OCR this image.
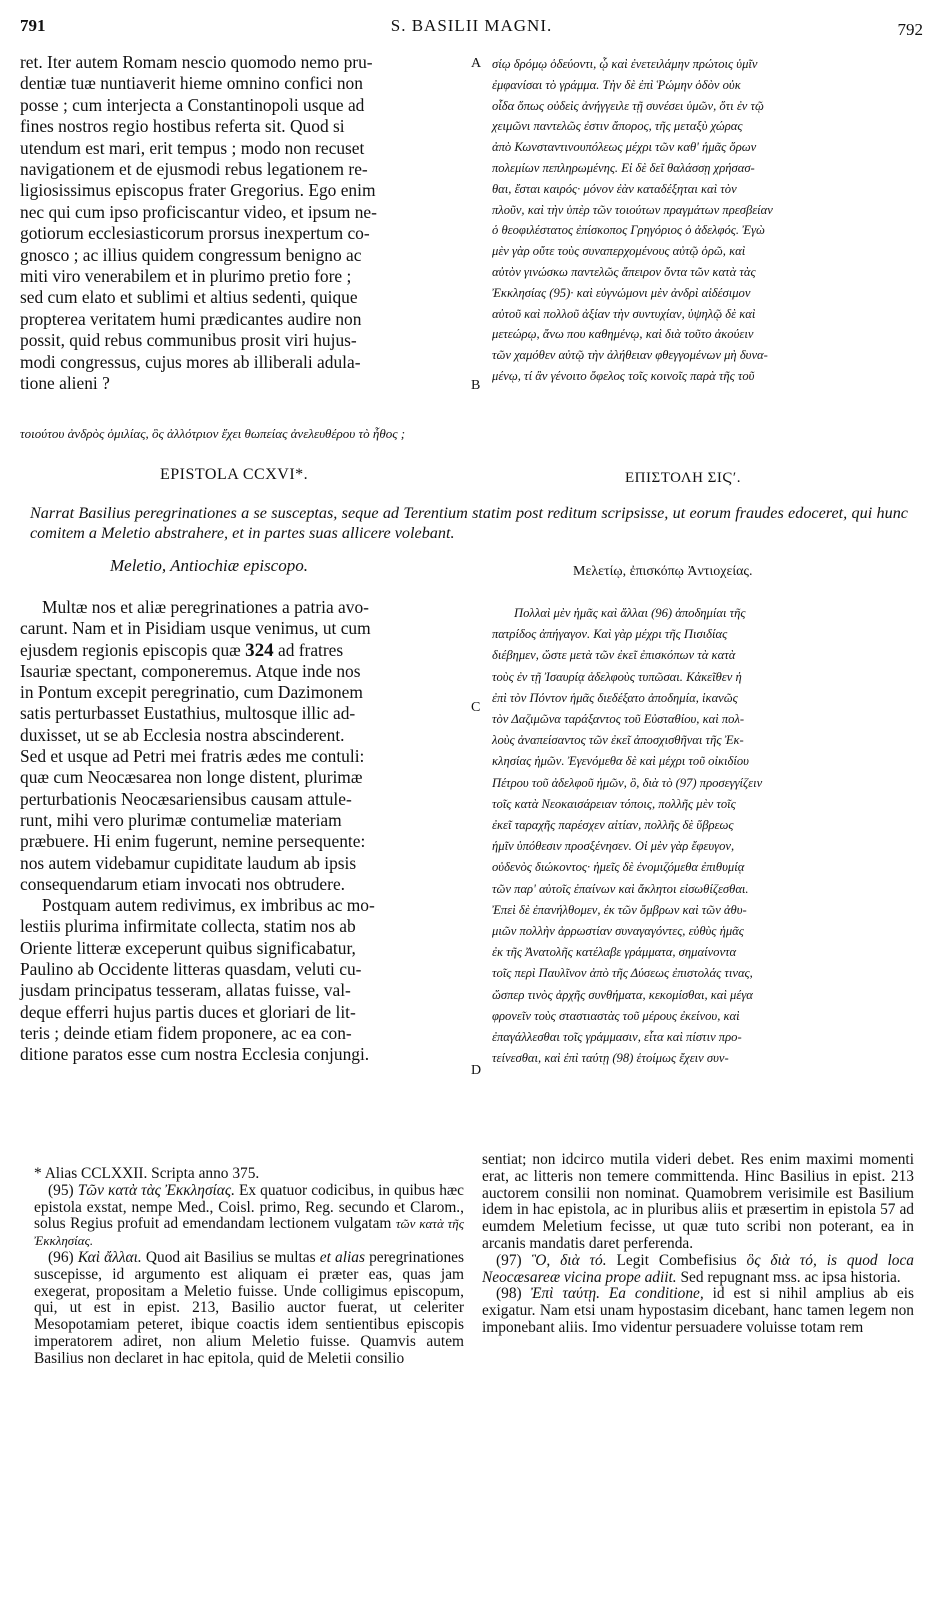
791	S. BASILII MAGNI.	792

ret. Iter autem Romam nescio quomodo nemo pru-

dentiæ tuæ nuntiaverit hieme omnino confici non

posse ; cum interjecta a Constantinopoli usque ad

fines nostros regio hostibus referta sit. Quod si

utendum est mari, erit tempus ; modo non recuset

navigationem et de ejusmodi rebus legationem re-

ligiosissimus episcopus frater Gregorius. Ego enim

nec qui cum ipso proficiscantur video, et ipsum ne-

gotiorum ecclesiasticorum prorsus inexpertum co-

gnosco ; ac illius quidem congressum benigno ac

miti viro venerabilem et in plurimo pretio fore ;

sed cum elato et sublimi et altius sedenti, quique

propterea veritatem humi prædicantes audire non

possit, quid rebus communibus prosit viri hujus-

modi congressus, cujus mores ab illiberali adula-

tione alieni ?

σίῳ δρόμῳ ὁδεύοντι, ᾧ καὶ ἐνετειλάμην πρώτοις ὑμῖν

ἐμφανίσαι τὸ γράμμα. Τὴν δὲ ἐπὶ Ῥώμην ὁδὸν οὐκ

οἶδα ὅπως οὐδεὶς ἀνήγγειλε τῇ συνέσει ὑμῶν, ὅτι ἐν τῷ

χειμῶνι παντελῶς ἐστιν ἄπορος, τῆς μεταξὺ χώρας

ἀπὸ Κωνσταντινουπόλεως μέχρι τῶν καθ' ἡμᾶς ὅρων

πολεμίων πεπληρωμένης. Εἰ δὲ δεῖ θαλάσσῃ χρήσασ-

θαι, ἔσται καιρός· μόνον ἐὰν καταδέξηται καὶ τὸν

πλοῦν, καὶ τὴν ὑπὲρ τῶν τοιούτων πραγμάτων πρεσβείαν

ὁ θεοφιλέστατος ἐπίσκοπος Γρηγόριος ὁ ἀδελφός. Ἐγὼ

μὲν γὰρ οὔτε τοὺς συναπερχομένους αὐτῷ ὁρῶ, καὶ

αὐτὸν γινώσκω παντελῶς ἄπειρον ὄντα τῶν κατὰ τὰς

Ἐκκλησίας (95)· καὶ εὐγνώμονι μὲν ἀνδρὶ αἰδέσιμον

αὐτοῦ καὶ πολλοῦ ἀξίαν τὴν συντυχίαν, ὑψηλῷ δὲ καὶ

μετεώρῳ, ἄνω που καθημένῳ, καὶ διὰ τοῦτο ἀκούειν

τῶν χαμόθεν αὐτῷ τὴν ἀλήθειαν φθεγγομένων μὴ δυνα-

μένῳ, τί ἂν γένοιτο ὄφελος τοῖς κοινοῖς παρὰ τῆς τοῦ

A
B
C
D
τοιούτου ἀνδρὸς ὁμιλίας, ὃς ἀλλότριον ἔχει θωπείας ἀνελευθέρου τὸ ἦθος ;
EPISTOLA CCXVI*.	ΕΠΙΣΤΟΛΗ ΣΙϚʹ.
Narrat Basilius peregrinationes a se susceptas, seque ad Terentium statim post reditum scripsisse, ut eorum fraudes edoceret, qui hunc comitem a Meletio abstrahere, et in partes suas allicere volebant.
Meletio, Antiochiæ episcopo.	Μελετίῳ, ἐπισκόπῳ Ἀντιοχείας.

Multæ nos et aliæ peregrinationes a patria avo-

carunt. Nam et in Pisidiam usque venimus, ut cum

ejusdem regionis episcopis quæ 324 ad fratres

Isauriæ spectant, componeremus. Atque inde nos

in Pontum excepit peregrinatio, cum Dazimonem

satis perturbasset Eustathius, multosque illic ad-

duxisset, ut se ab Ecclesia nostra abscinderent.

Sed et usque ad Petri mei fratris ædes me contuli:

quæ cum Neocæsarea non longe distent, plurimæ

perturbationis Neocæsariensibus causam attule-

runt, mihi vero plurimæ contumeliæ materiam

præbuere. Hi enim fugerunt, nemine persequente:

nos autem videbamur cupiditate laudum ab ipsis

consequendarum etiam invocati nos obtrudere.

Postquam autem redivimus, ex imbribus ac mo-

lestiis plurima infirmitate collecta, statim nos ab

Oriente litteræ exceperunt quibus significabatur,

Paulino ab Occidente litteras quasdam, veluti cu-

jusdam principatus tesseram, allatas fuisse, val-

deque efferri hujus partis duces et gloriari de lit-

teris ; deinde etiam fidem proponere, ac ea con-

ditione paratos esse cum nostra Ecclesia conjungi.

Πολλαὶ μὲν ἡμᾶς καὶ ἄλλαι (96) ἀποδημίαι τῆς

πατρίδος ἀπήγαγον. Καὶ γὰρ μέχρι τῆς Πισιδίας

διέβημεν, ὥστε μετὰ τῶν ἐκεῖ ἐπισκόπων τὰ κατὰ

τοὺς ἐν τῇ Ἰσαυρίᾳ ἀδελφοὺς τυπῶσαι. Κἀκεῖθεν ἡ

ἐπὶ τὸν Πόντον ἡμᾶς διεδέξατο ἀποδημία, ἱκανῶς

τὸν Δαζιμῶνα ταράξαντος τοῦ Εὐσταθίου, καὶ πολ-

λοὺς ἀναπείσαντος τῶν ἐκεῖ ἀποσχισθῆναι τῆς Ἐκ-

κλησίας ἡμῶν. Ἐγενόμεθα δὲ καὶ μέχρι τοῦ οἰκιδίου

Πέτρου τοῦ ἀδελφοῦ ἡμῶν, ὃ, διὰ τὸ (97) προσεγγίζειν

τοῖς κατὰ Νεοκαισάρειαν τόποις, πολλῆς μὲν τοῖς

ἐκεῖ ταραχῆς παρέσχεν αἰτίαν, πολλῆς δὲ ὕβρεως

ἡμῖν ὑπόθεσιν προσξένησεν. Οἱ μὲν γὰρ ἔφευγον,

οὐδενὸς διώκοντος· ἡμεῖς δὲ ἐνομιζόμεθα ἐπιθυμίᾳ

τῶν παρ' αὐτοῖς ἐπαίνων καὶ ἄκλητοι εἰσωθίζεσθαι.

Ἐπεὶ δὲ ἐπανήλθομεν, ἐκ τῶν ὄμβρων καὶ τῶν ἀθυ-

μιῶν πολλὴν ἀρρωστίαν συναγαγόντες, εὐθὺς ἡμᾶς

ἐκ τῆς Ἀνατολῆς κατέλαβε γράμματα, σημαίνοντα

τοῖς περὶ Παυλῖνον ἀπὸ τῆς Δύσεως ἐπιστολάς τινας,

ὥσπερ τινὸς ἀρχῆς συνθήματα, κεκομίσθαι, καὶ μέγα

φρονεῖν τοὺς σταστιαστὰς τοῦ μέρους ἐκείνου, καὶ

ἐπαγάλλεσθαι τοῖς γράμμασιν, εἶτα καὶ πίστιν προ-

τείνεσθαι, καὶ ἐπὶ ταύτῃ (98) ἑτοίμως ἔχειν συν-

* Alias CCLXXII. Scripta anno 375.

(95) Τῶν κατὰ τὰς Ἐκκλησίας. Ex quatuor codicibus, in quibus hæc epistola exstat, nempe Med., Coisl. primo, Reg. secundo et Clarom., solus Regius profuit ad emendandam lectionem vulgatam τῶν κατὰ τῆς Ἐκκλησίας.

(96) Καὶ ἄλλαι. Quod ait Basilius se multas et alias peregrinationes suscepisse, id argumento est aliquam ei præter eas, quas jam exegerat, propositam a Meletio fuisse. Unde colligimus episcopum, qui, ut est in epist. 213, Basilio auctor fuerat, ut celeriter Mesopotamiam peteret, ibique coactis idem sentientibus episcopis imperatorem adiret, non alium Meletio fuisse. Quamvis autem Basilius non declaret in hac epitola, quid de Meletii consilio

sentiat; non idcirco mutila videri debet. Res enim maximi momenti erat, ac litteris non temere committenda. Hinc Basilius in epist. 213 auctorem consilii non nominat. Quamobrem verisimile est Basilium idem in hac epistola, ac in pluribus aliis et præsertim in epistola 57 ad eumdem Meletium fecisse, ut quæ tuto scribi non poterant, ea in arcanis mandatis daret perferenda.

(97) Ὃ, διὰ τό. Legit Combefisius ὃς διὰ τό, is quod loca Neocæsareæ vicina prope adiit. Sed repugnant mss. ac ipsa historia.

(98) Ἐπὶ ταύτῃ. Ea conditione, id est si nihil amplius ab eis exigatur. Nam etsi unam hypostasim dicebant, hanc tamen legem non imponebant aliis. Imo videntur persuadere voluisse totam rem
